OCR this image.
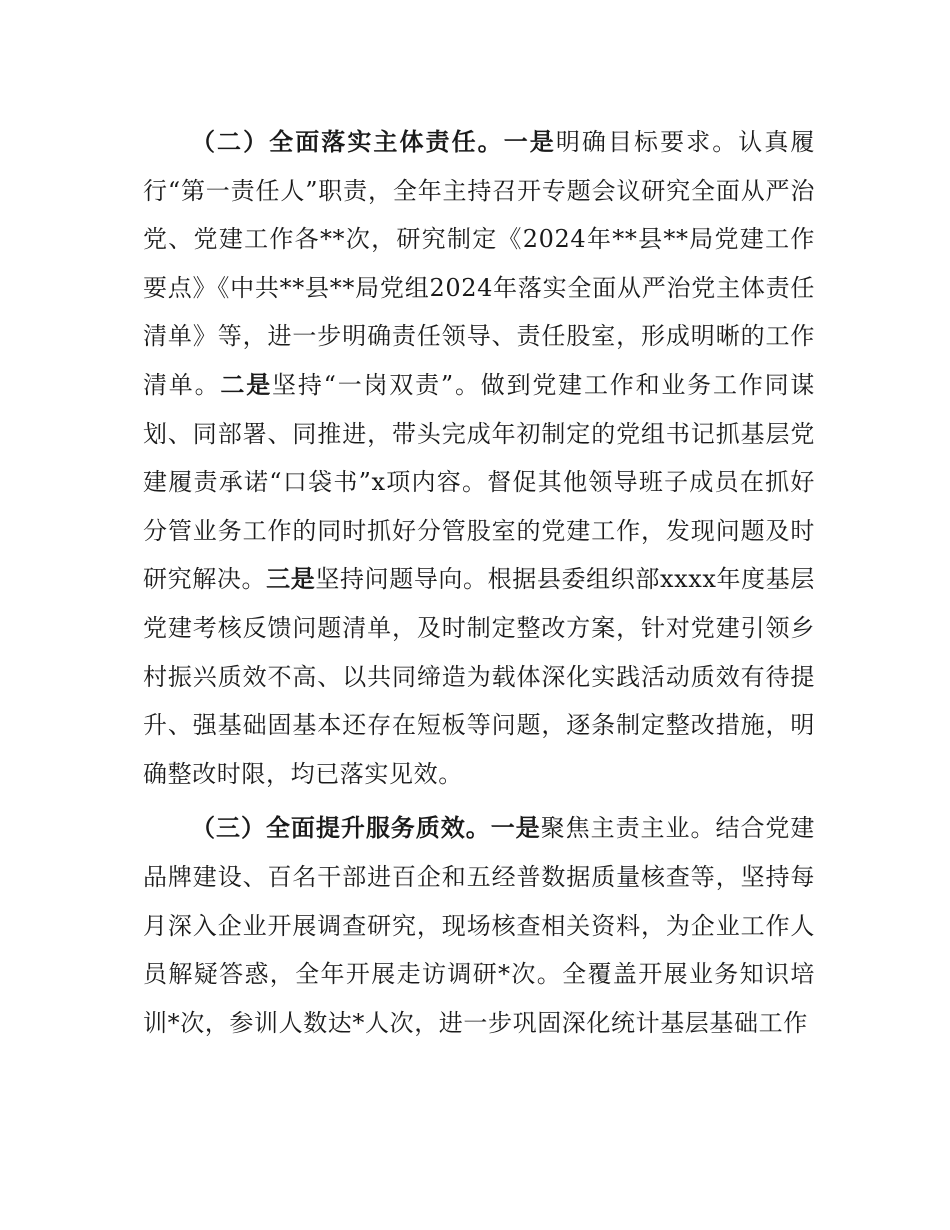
（二）全面落实主体责任。一是明确目标要求。认真履行“第一责任人”职责，全年主持召开专题会议研究全面从严治党、党建工作各**次，研究制定《2024年**县**局党建工作要点》《中共**县**局党组2024年落实全面从严治党主体责任清单》等，进一步明确责任领导、责任股室，形成明晰的工作清单。二是坚持“一岗双责”。做到党建工作和业务工作同谋划、同部署、同推进，带头完成年初制定的党组书记抓基层党建履责承诺“口袋书”x项内容。督促其他领导班子成员在抓好分管业务工作的同时抓好分管股室的党建工作，发现问题及时研究解决。三是坚持问题导向。根据县委组织部xxxx年度基层党建考核反馈问题清单，及时制定整改方案，针对党建引领乡村振兴质效不高、以共同缔造为载体深化实践活动质效有待提升、强基础固基本还存在短板等问题，逐条制定整改措施，明确整改时限，均已落实见效。

（三）全面提升服务质效。一是聚焦主责主业。结合党建品牌建设、百名干部进百企和五经普数据质量核查等，坚持每月深入企业开展调查研究，现场核查相关资料，为企业工作人员解疑答惑，全年开展走访调研*次。全覆盖开展业务知识培训*次，参训人数达*人次，进一步巩固深化统计基层基础工作
